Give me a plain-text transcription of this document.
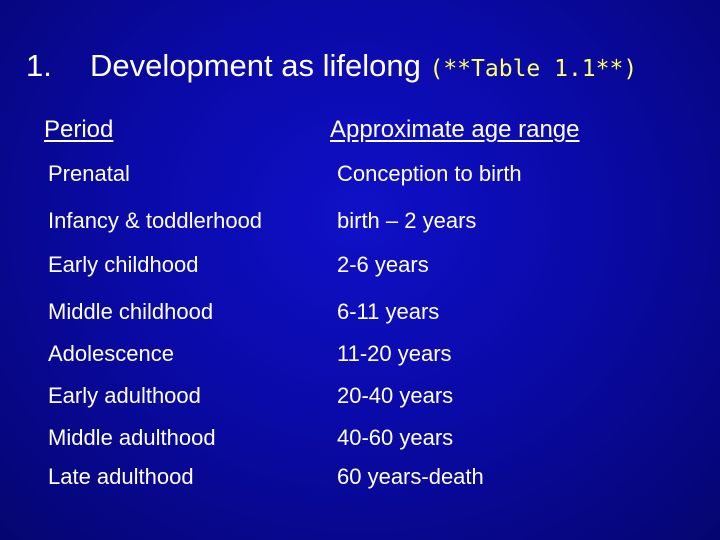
1. Development as lifelong (**Table 1.1**)
Period	Approximate age range
Prenatal	Conception to birth
Infancy & toddlerhood	birth – 2 years
Early childhood	2-6 years
Middle childhood	6-11 years
Adolescence	11-20 years
Early adulthood	20-40 years
Middle adulthood	40-60 years
Late adulthood	60 years-death
